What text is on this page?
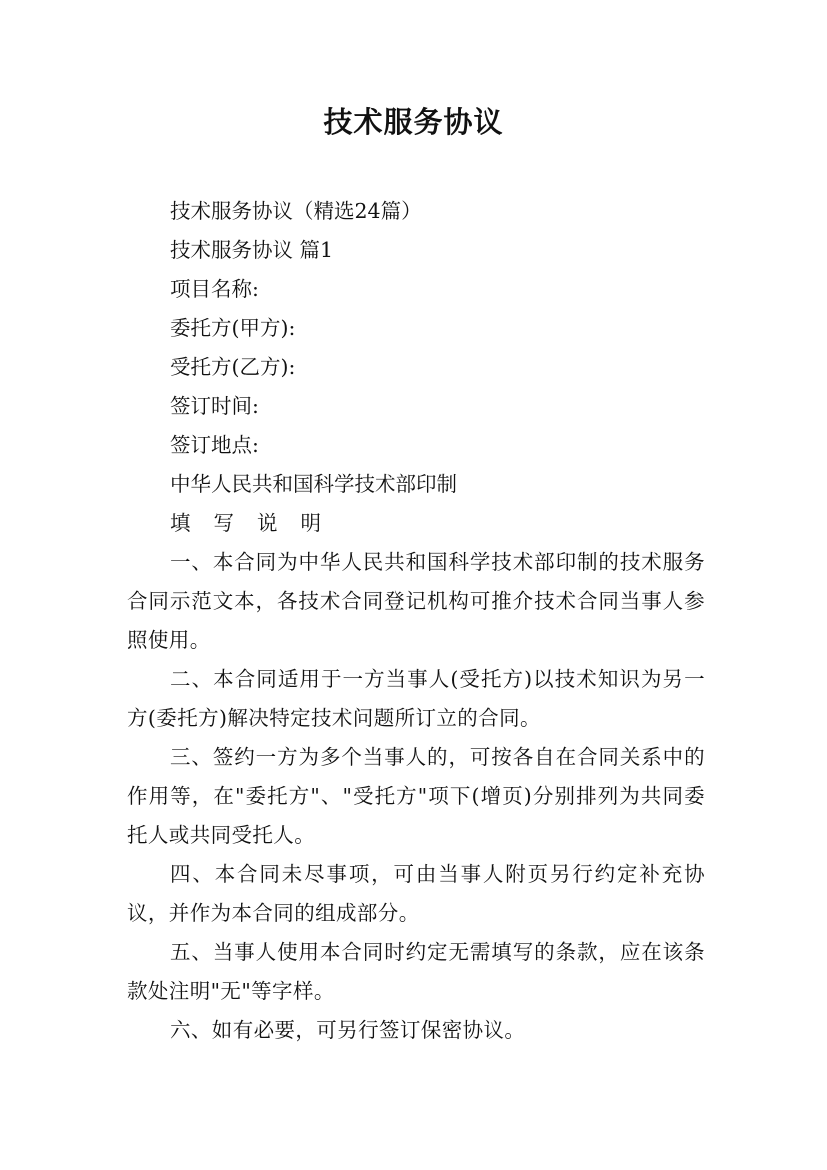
技术服务协议

技术服务协议（精选24篇）

技术服务协议 篇1

项目名称:

委托方(甲方):

受托方(乙方):

签订时间:

签订地点:

中华人民共和国科学技术部印制

填写说明

一、本合同为中华人民共和国科学技术部印制的技术服务合同示范文本，各技术合同登记机构可推介技术合同当事人参照使用。

二、本合同适用于一方当事人(受托方)以技术知识为另一方(委托方)解决特定技术问题所订立的合同。

三、签约一方为多个当事人的，可按各自在合同关系中的作用等，在"委托方"、"受托方"项下(增页)分别排列为共同委托人或共同受托人。

四、本合同未尽事项，可由当事人附页另行约定补充协议，并作为本合同的组成部分。

五、当事人使用本合同时约定无需填写的条款，应在该条款处注明"无"等字样。

六、如有必要，可另行签订保密协议。
